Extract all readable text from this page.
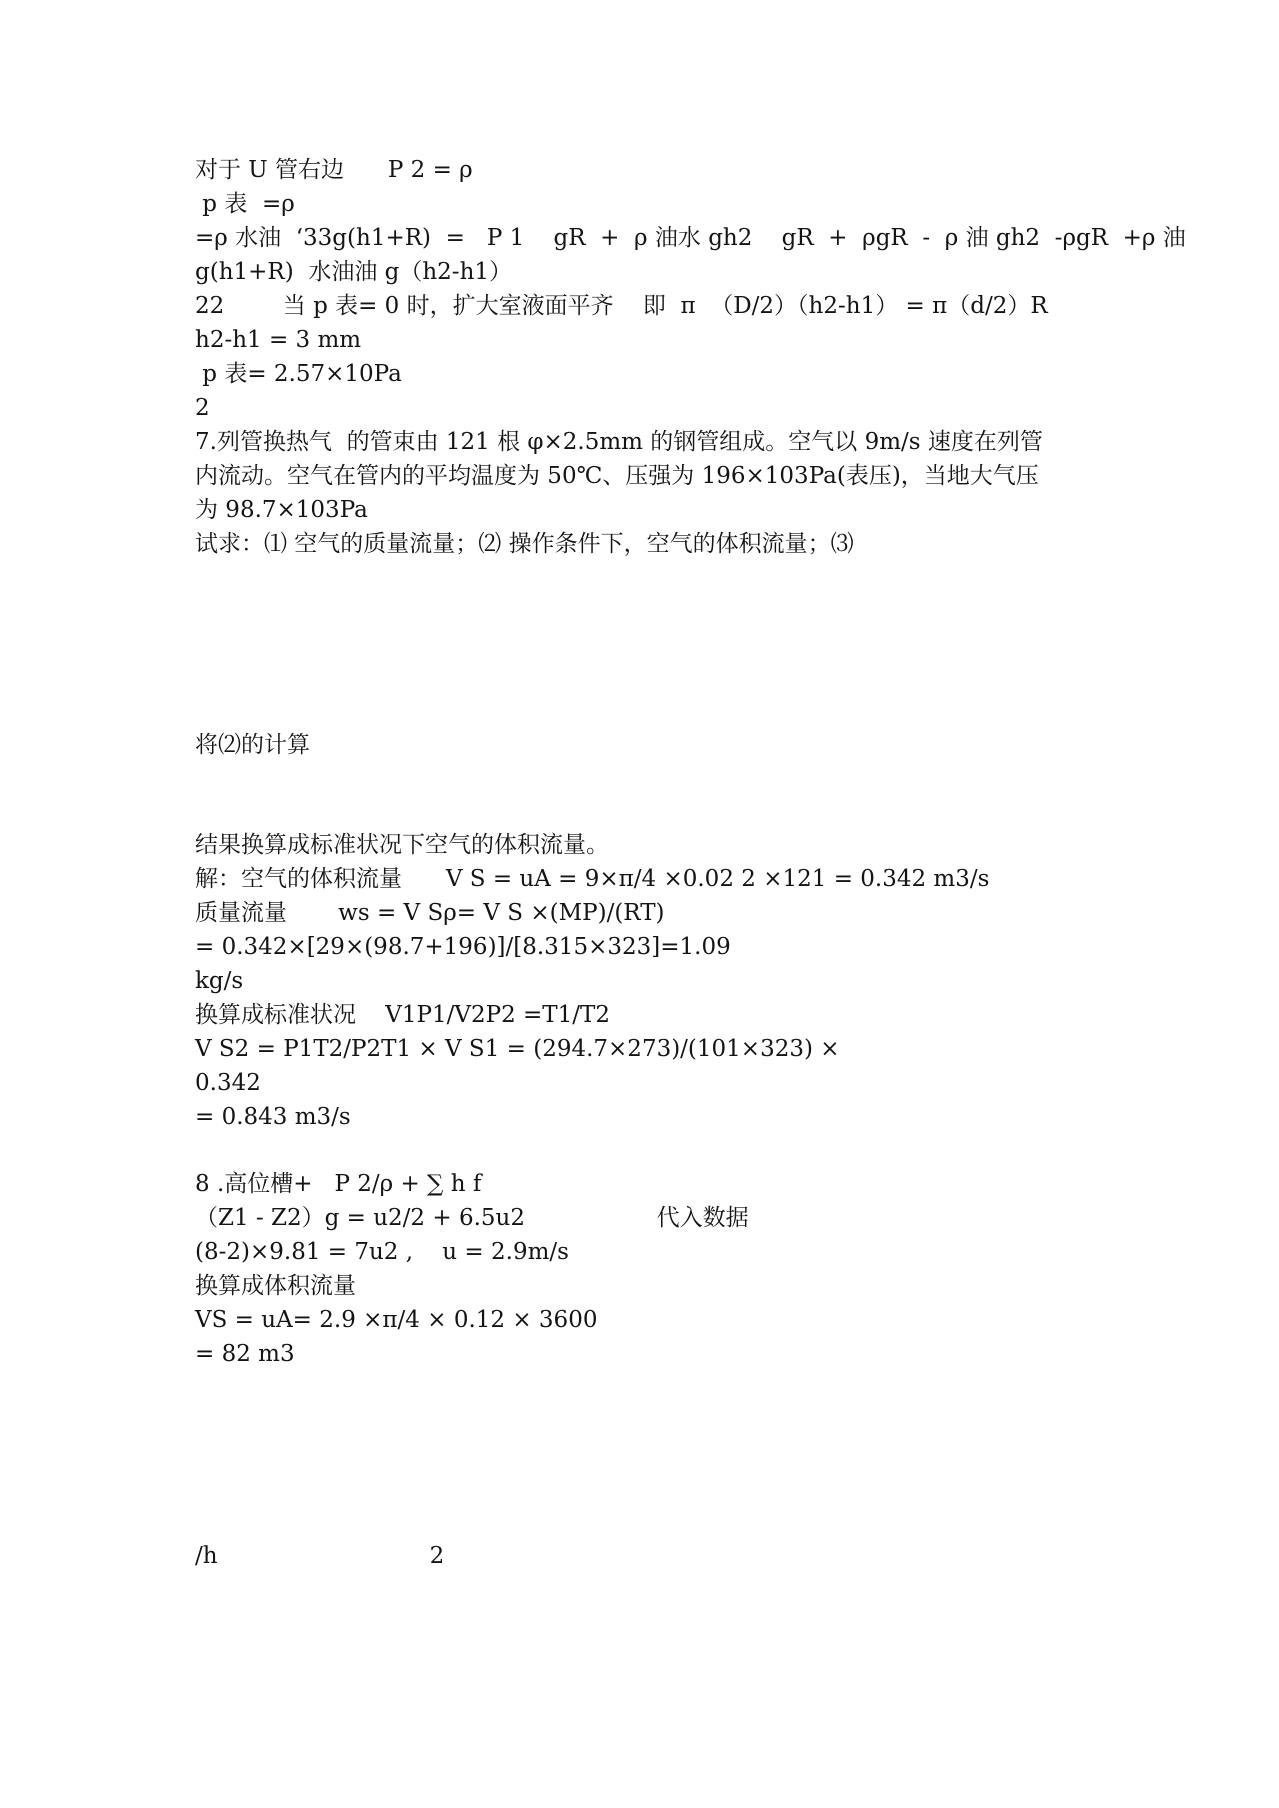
对于 U 管右边      P 2 = ρ
p 表  =ρ
=ρ 水油  ‘33g(h1+R)  =   P 1    gR  +  ρ 油水 gh2    gR  +  ρgR  -  ρ 油 gh2  -ρgR  +ρ 油
g(h1+R)  水油油 g（h2-h1）
22        当 p 表= 0 时，扩大室液面平齐    即  π  （D/2）（h2-h1） = π（d/2）R
h2-h1 = 3 mm
p 表= 2.57×10Pa
2
7.列管换热气  的管束由 121 根 φ×2.5mm 的钢管组成。空气以 9m/s 速度在列管
内流动。空气在管内的平均温度为 50℃、压强为 196×103Pa(表压)，当地大气压
为 98.7×103Pa
试求：⑴ 空气的质量流量；⑵ 操作条件下，空气的体积流量；⑶
将⑵的计算
结果换算成标准状况下空气的体积流量。
解：空气的体积流量      V S = uA = 9×π/4 ×0.02 2 ×121 = 0.342 m3/s
质量流量       ws = V Sρ= V S ×(MP)/(RT)
= 0.342×[29×(98.7+196)]/[8.315×323]=1.09
kg/s
换算成标准状况    V1P1/V2P2 =T1/T2
V S2 = P1T2/P2T1 × V S1 = (294.7×273)/(101×323) ×
0.342
= 0.843 m3/s
8 .高位槽+   P 2/ρ + ∑ h f
（Z1 - Z2）g = u2/2 + 6.5u2                  代入数据
(8-2)×9.81 = 7u2 ,    u = 2.9m/s
换算成体积流量
VS = uA= 2.9 ×π/4 × 0.12 × 3600
= 82 m3
/h                             2
